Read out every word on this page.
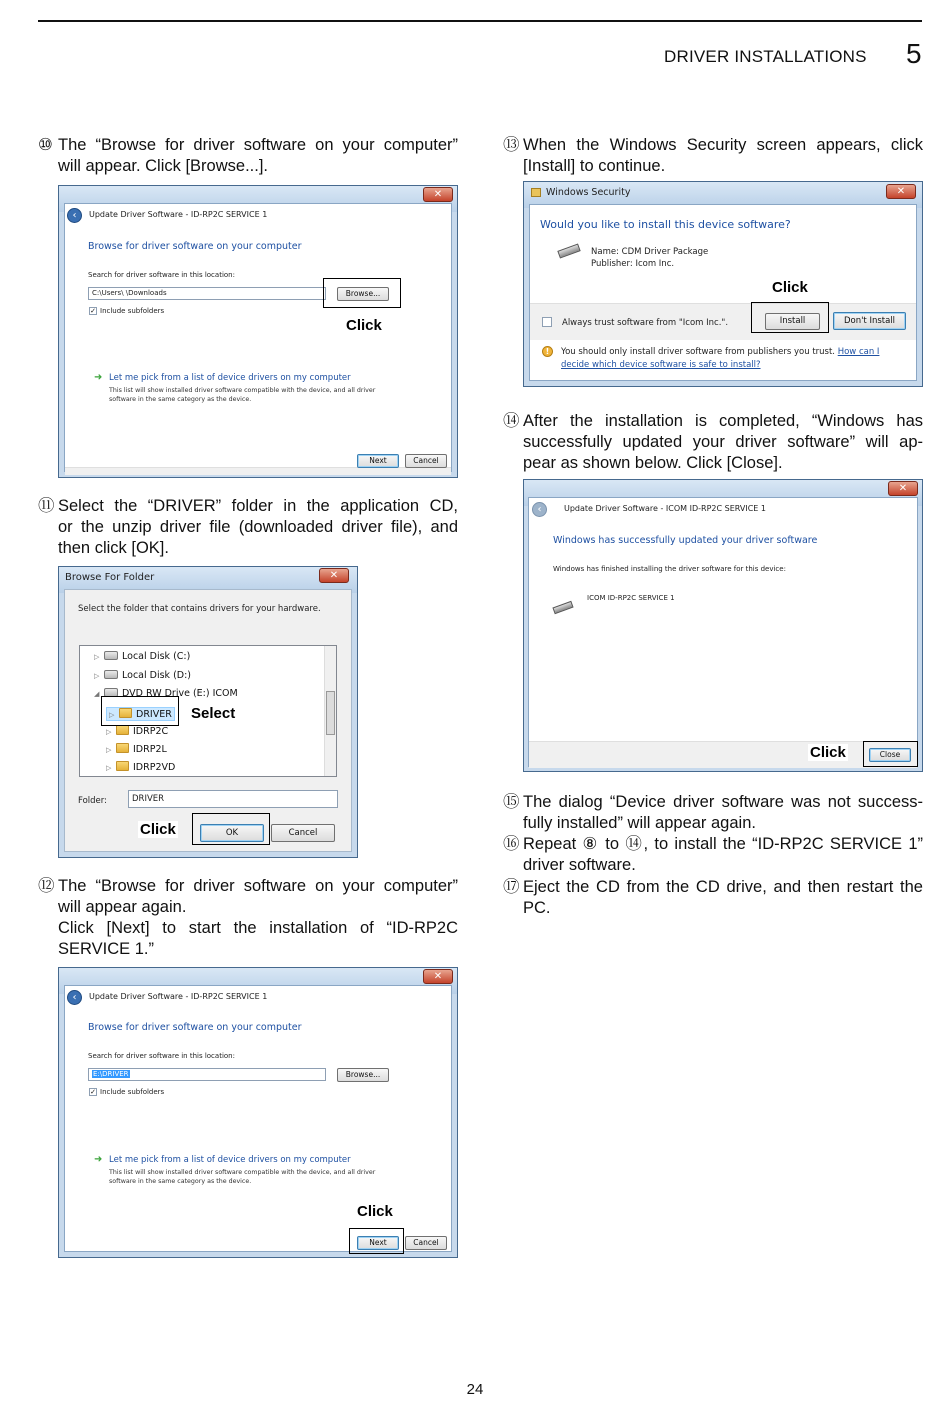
DRIVER INSTALLATIONS 5
⑩ The “Browse for driver software on your computer”
will appear. Click [Browse...].
✕
‹	Update Driver Software - ID-RP2C SERVICE 1
Browse for driver software on your computer
Search for driver software in this location:
C:\Users\ \Downloads	Browse...
✓ Include subfolders
➜ Let me pick from a list of device drivers on my computer
This list will show installed driver software compatible with the device, and all driver
software in the same category as the device.
Next	Cancel
Click
⑪ Select the “DRIVER” folder in the application CD,
or the unzip driver file (downloaded driver file), and
then click [OK].
✕
Browse For Folder
Select the folder that contains drivers for your hardware.
▷ Local Disk (C:)
▷ Local Disk (D:)
◢ DVD RW Drive (E:) ICOM
▷ DRIVER
▷ IDRP2C
▷ IDRP2L
▷ IDRP2VD
Folder:	DRIVER
OK	Cancel
Select
Click
⑫ The “Browse for driver software on your computer”
will appear again.
Click [Next] to start the installation of “ID-RP2C
SERVICE 1.”
✕
‹	Update Driver Software - ID-RP2C SERVICE 1
Browse for driver software on your computer
Search for driver software in this location:
E:\DRIVER	Browse...
✓ Include subfolders
➜ Let me pick from a list of device drivers on my computer
This list will show installed driver software compatible with the device, and all driver
software in the same category as the device.
Next	Cancel
Click
⑬ When the Windows Security screen appears, click
[Install] to continue.
✕
Windows Security
Would you like to install this device software?
Name: CDM Driver Package
Publisher: Icom Inc.
Always trust software from "Icom Inc.".	Install	Don't Install
!	You should only install driver software from publishers you trust. How can I
decide which device software is safe to install?
Click
⑭ After the installation is completed, “Windows has
successfully updated your driver software” will ap-
pear as shown below. Click [Close].
✕
‹	Update Driver Software - ICOM ID-RP2C SERVICE 1
Windows has successfully updated your driver software
Windows has finished installing the driver software for this device:
ICOM ID-RP2C SERVICE 1
Close
Click
⑮ The dialog “Device driver software was not success-
fully installed” will appear again.
⑯ Repeat ⑧ to ⑭, to install the “ID-RP2C SERVICE 1”
driver software.
⑰ Eject the CD from the CD drive, and then restart the
PC.
24
